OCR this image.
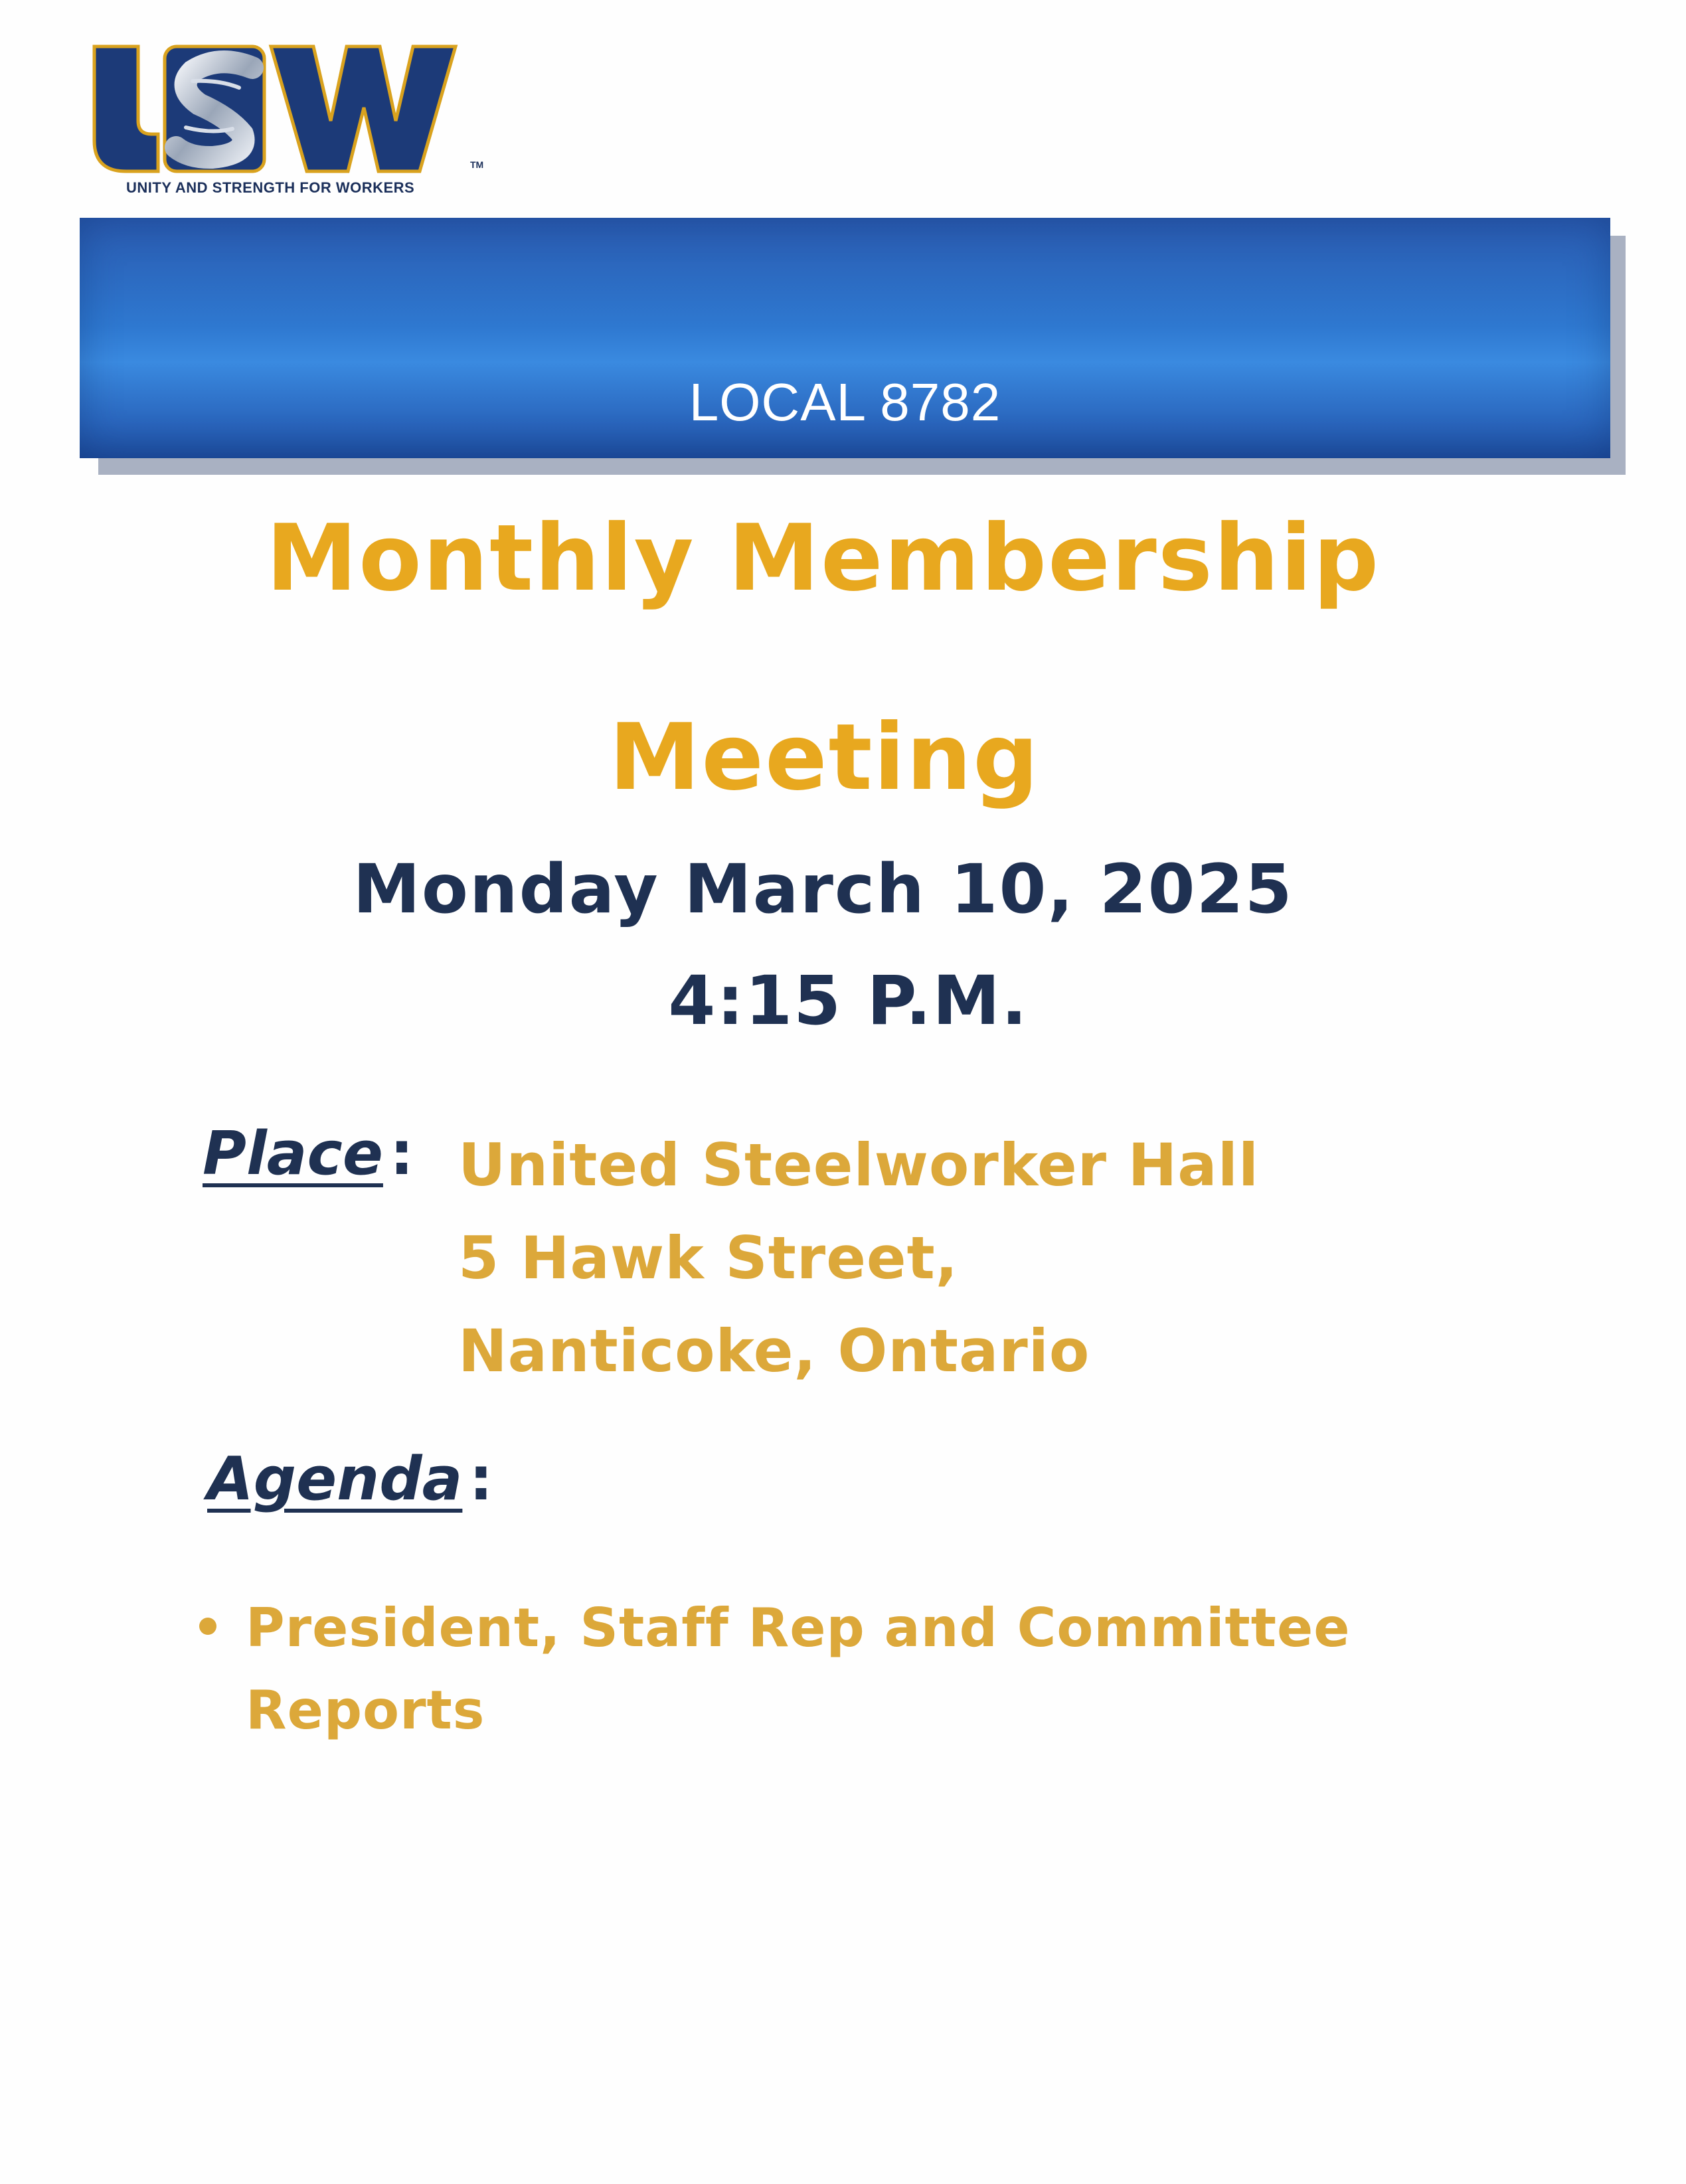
TM
UNITY AND STRENGTH FOR WORKERS
LOCAL 8782
Monthly Membership
Meeting
Monday March 10, 2025
4:15 P.M.
Place : United Steelworker Hall
5 Hawk Street,
Nanticoke, Ontario
Agenda :
President, Staff Rep and Committee Reports
